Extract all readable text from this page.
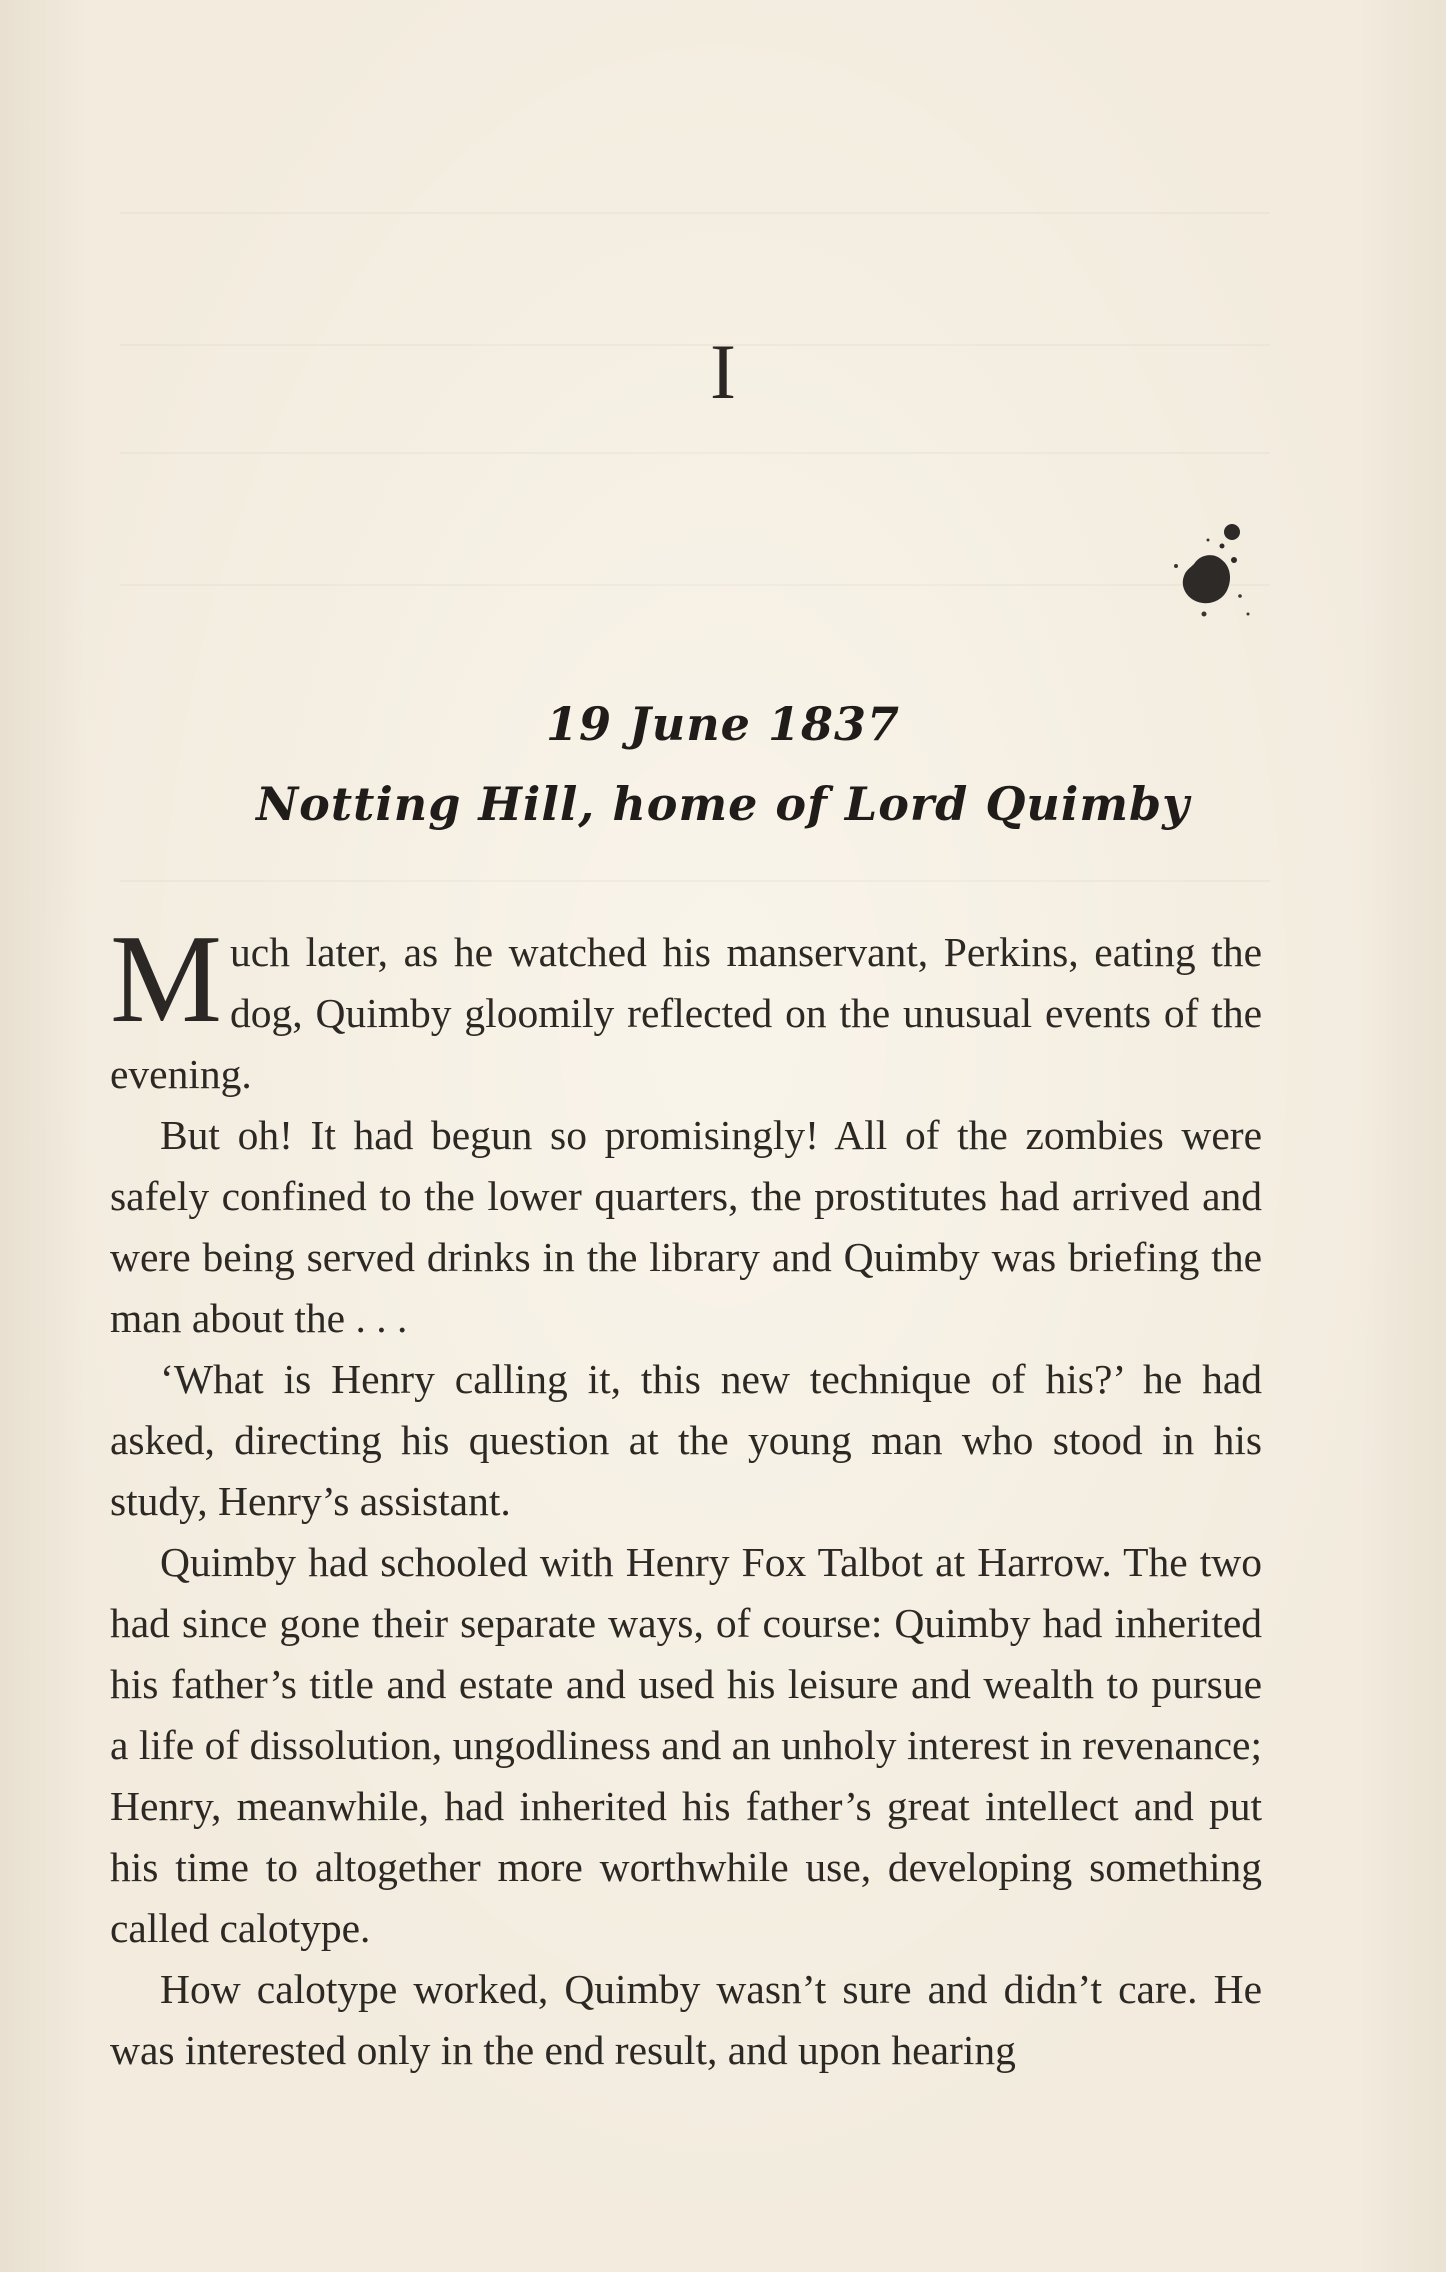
I
19 June 1837
Notting Hill, home of Lord Quimby

Much later, as he watched his manservant, Perkins, eating the dog, Quimby gloomily reflected on the unusual events of the evening.

But oh! It had begun so promisingly! All of the zombies were safely confined to the lower quarters, the prostitutes had arrived and were being served drinks in the library and Quimby was briefing the man about the . . .

‘What is Henry calling it, this new technique of his?’ he had asked, directing his question at the young man who stood in his study, Henry’s assistant.

Quimby had schooled with Henry Fox Talbot at Harrow. The two had since gone their separate ways, of course: Quimby had inherited his father’s title and estate and used his leisure and wealth to pursue a life of dissolution, ungodliness and an unholy interest in revenance; Henry, meanwhile, had inherited his father’s great intellect and put his time to altogether more worthwhile use, developing something called calotype.

How calotype worked, Quimby wasn’t sure and didn’t care. He was interested only in the end result, and upon hearing
